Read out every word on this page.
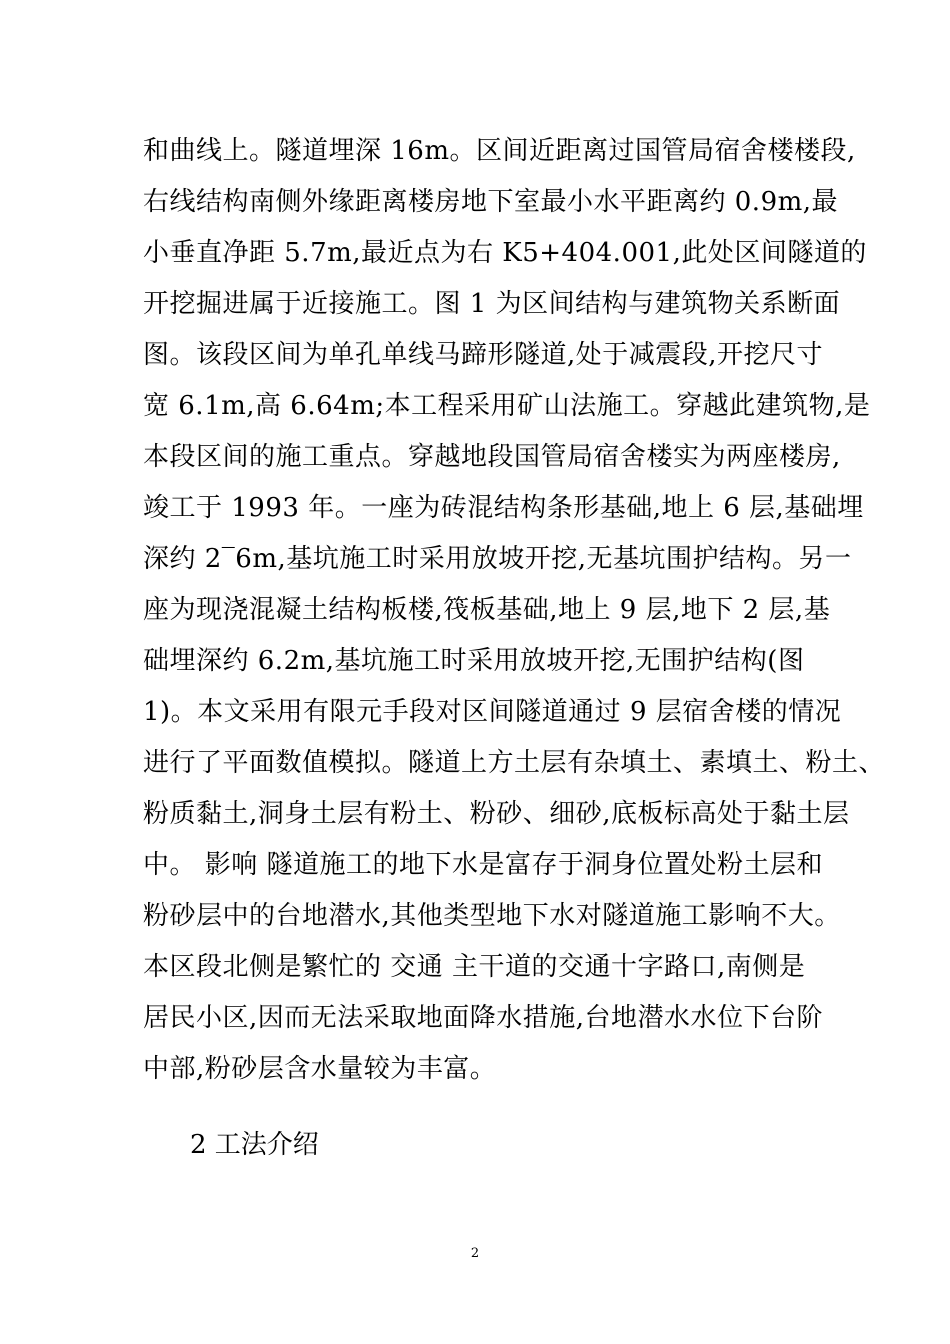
和曲线上。隧道埋深 16m。区间近距离过国管局宿舍楼楼段,
右线结构南侧外缘距离楼房地下室最小水平距离约 0.9m,最
小垂直净距 5.7m,最近点为右 K5+404.001,此处区间隧道的
开挖掘进属于近接施工。图 1 为区间结构与建筑物关系断面
图。该段区间为单孔单线马蹄形隧道,处于减震段,开挖尺寸
宽 6.1m,高 6.64m;本工程采用矿山法施工。穿越此建筑物,是
本段区间的施工重点。穿越地段国管局宿舍楼实为两座楼房,
竣工于 1993 年。一座为砖混结构条形基础,地上 6 层,基础埋
深约 2‾6m,基坑施工时采用放坡开挖,无基坑围护结构。另一
座为现浇混凝土结构板楼,筏板基础,地上 9 层,地下 2 层,基
础埋深约 6.2m,基坑施工时采用放坡开挖,无围护结构(图
1)。本文采用有限元手段对区间隧道通过 9 层宿舍楼的情况
进行了平面数值模拟。隧道上方土层有杂填土、素填土、粉土、
粉质黏土,洞身土层有粉土、粉砂、细砂,底板标高处于黏土层
中。 影响 隧道施工的地下水是富存于洞身位置处粉土层和
粉砂层中的台地潜水,其他类型地下水对隧道施工影响不大。
本区段北侧是繁忙的 交通 主干道的交通十字路口,南侧是
居民小区,因而无法采取地面降水措施,台地潜水水位下台阶
中部,粉砂层含水量较为丰富。
2 工法介绍
2
